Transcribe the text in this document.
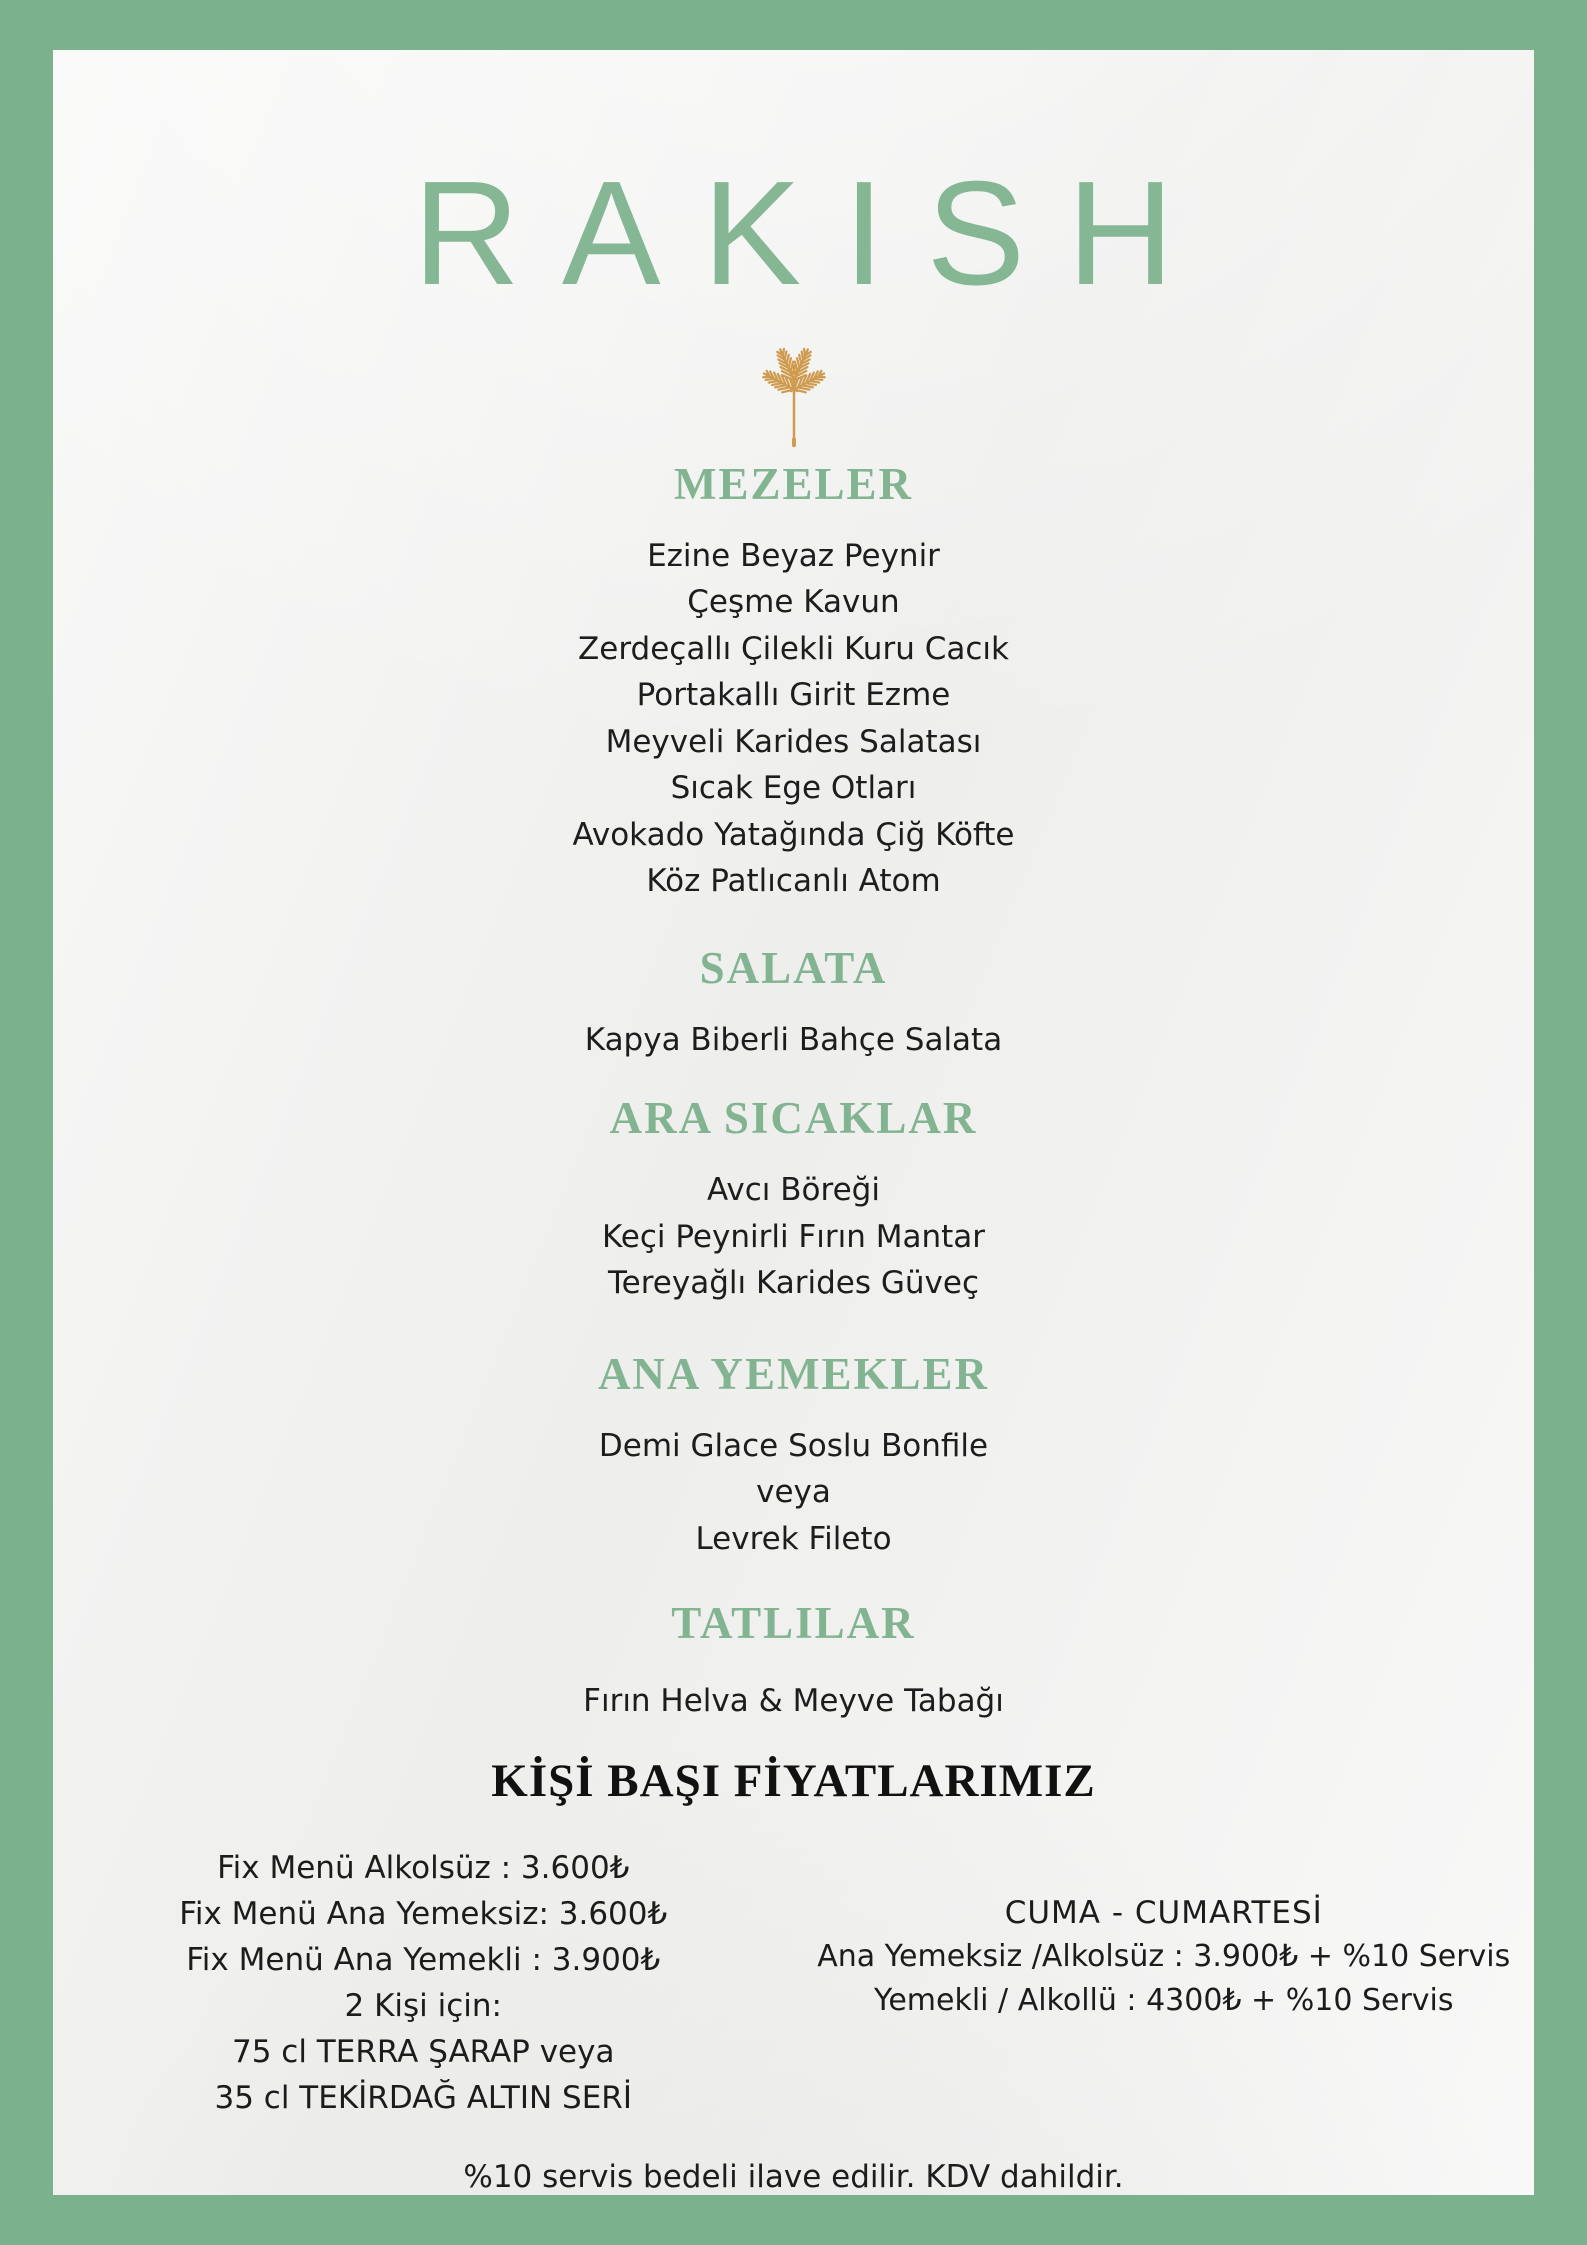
RAKISH
MEZELER
Ezine Beyaz Peynir
Çeşme Kavun
Zerdeçallı Çilekli Kuru Cacık
Portakallı Girit Ezme
Meyveli Karides Salatası
Sıcak Ege Otları
Avokado Yatağında Çiğ Köfte
Köz Patlıcanlı Atom
SALATA
Kapya Biberli Bahçe Salata
ARA SICAKLAR
Avcı Böreği
Keçi Peynirli Fırın Mantar
Tereyağlı Karides Güveç
ANA YEMEKLER
Demi Glace Soslu Bonfile
veya
Levrek Fileto
TATLILAR
Fırın Helva & Meyve Tabağı
KİŞİ BAŞI FİYATLARIMIZ
Fix Menü Alkolsüz : 3.600₺
Fix Menü Ana Yemeksiz: 3.600₺
Fix Menü Ana Yemekli : 3.900₺
2 Kişi için:
75 cl TERRA ŞARAP veya
35 cl TEKİRDAĞ ALTIN SERİ
CUMA - CUMARTESİ
Ana Yemeksiz /Alkolsüz : 3.900₺ + %10 Servis
Yemekli / Alkollü : 4300₺ + %10 Servis
%10 servis bedeli ilave edilir. KDV dahildir.
